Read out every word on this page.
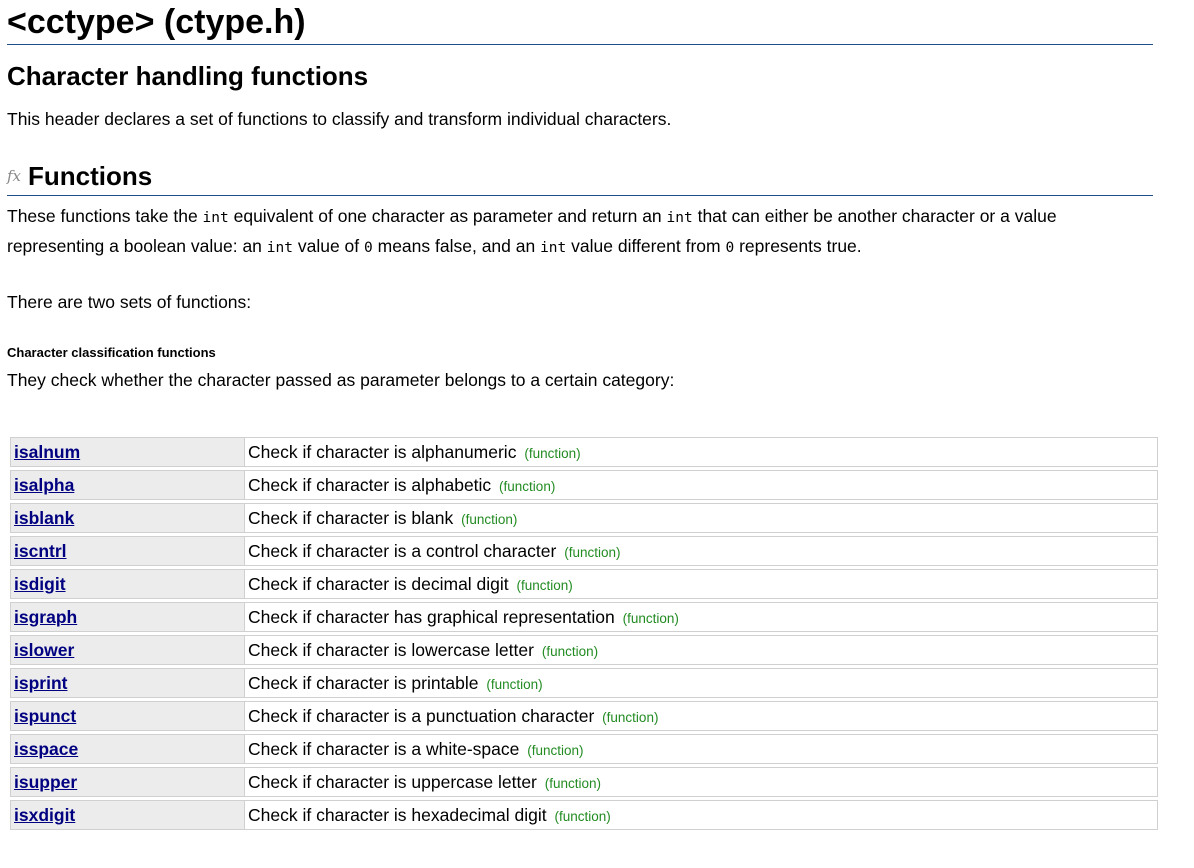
<cctype> (ctype.h)
Character handling functions

This header declares a set of functions to classify and transform individual characters.

fx Functions

These functions take the int equivalent of one character as parameter and return an int that can either be another character or a value representing a boolean value: an int value of 0 means false, and an int value different from 0 represents true.

There are two sets of functions:

Character classification functions

They check whether the character passed as parameter belongs to a certain category:

isalnum	Check if character is alphanumeric (function)
isalpha	Check if character is alphabetic (function)
isblank	Check if character is blank (function)
iscntrl	Check if character is a control character (function)
isdigit	Check if character is decimal digit (function)
isgraph	Check if character has graphical representation (function)
islower	Check if character is lowercase letter (function)
isprint	Check if character is printable (function)
ispunct	Check if character is a punctuation character (function)
isspace	Check if character is a white-space (function)
isupper	Check if character is uppercase letter (function)
isxdigit	Check if character is hexadecimal digit (function)
